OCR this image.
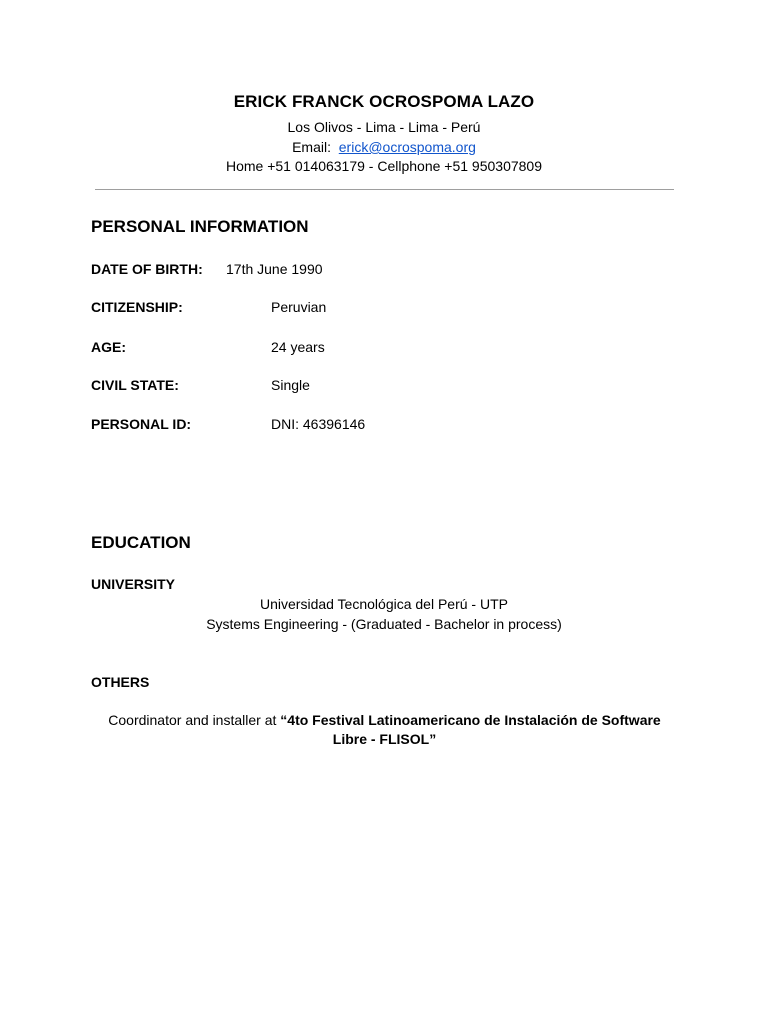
ERICK FRANCK OCROSPOMA LAZO
Los Olivos - Lima - Lima - Perú
Email: erick@ocrospoma.org
Home +51 014063179 - Cellphone +51 950307809
PERSONAL INFORMATION
DATE OF BIRTH: 17th June 1990
CITIZENSHIP:	Peruvian
AGE:	24 years
CIVIL STATE:	Single
PERSONAL ID:	DNI: 46396146
EDUCATION
UNIVERSITY
Universidad Tecnológica del Perú - UTP
Systems Engineering - (Graduated - Bachelor in process)
OTHERS
Coordinator and installer at “4to Festival Latinoamericano de Instalación de Software Libre - FLISOL”
